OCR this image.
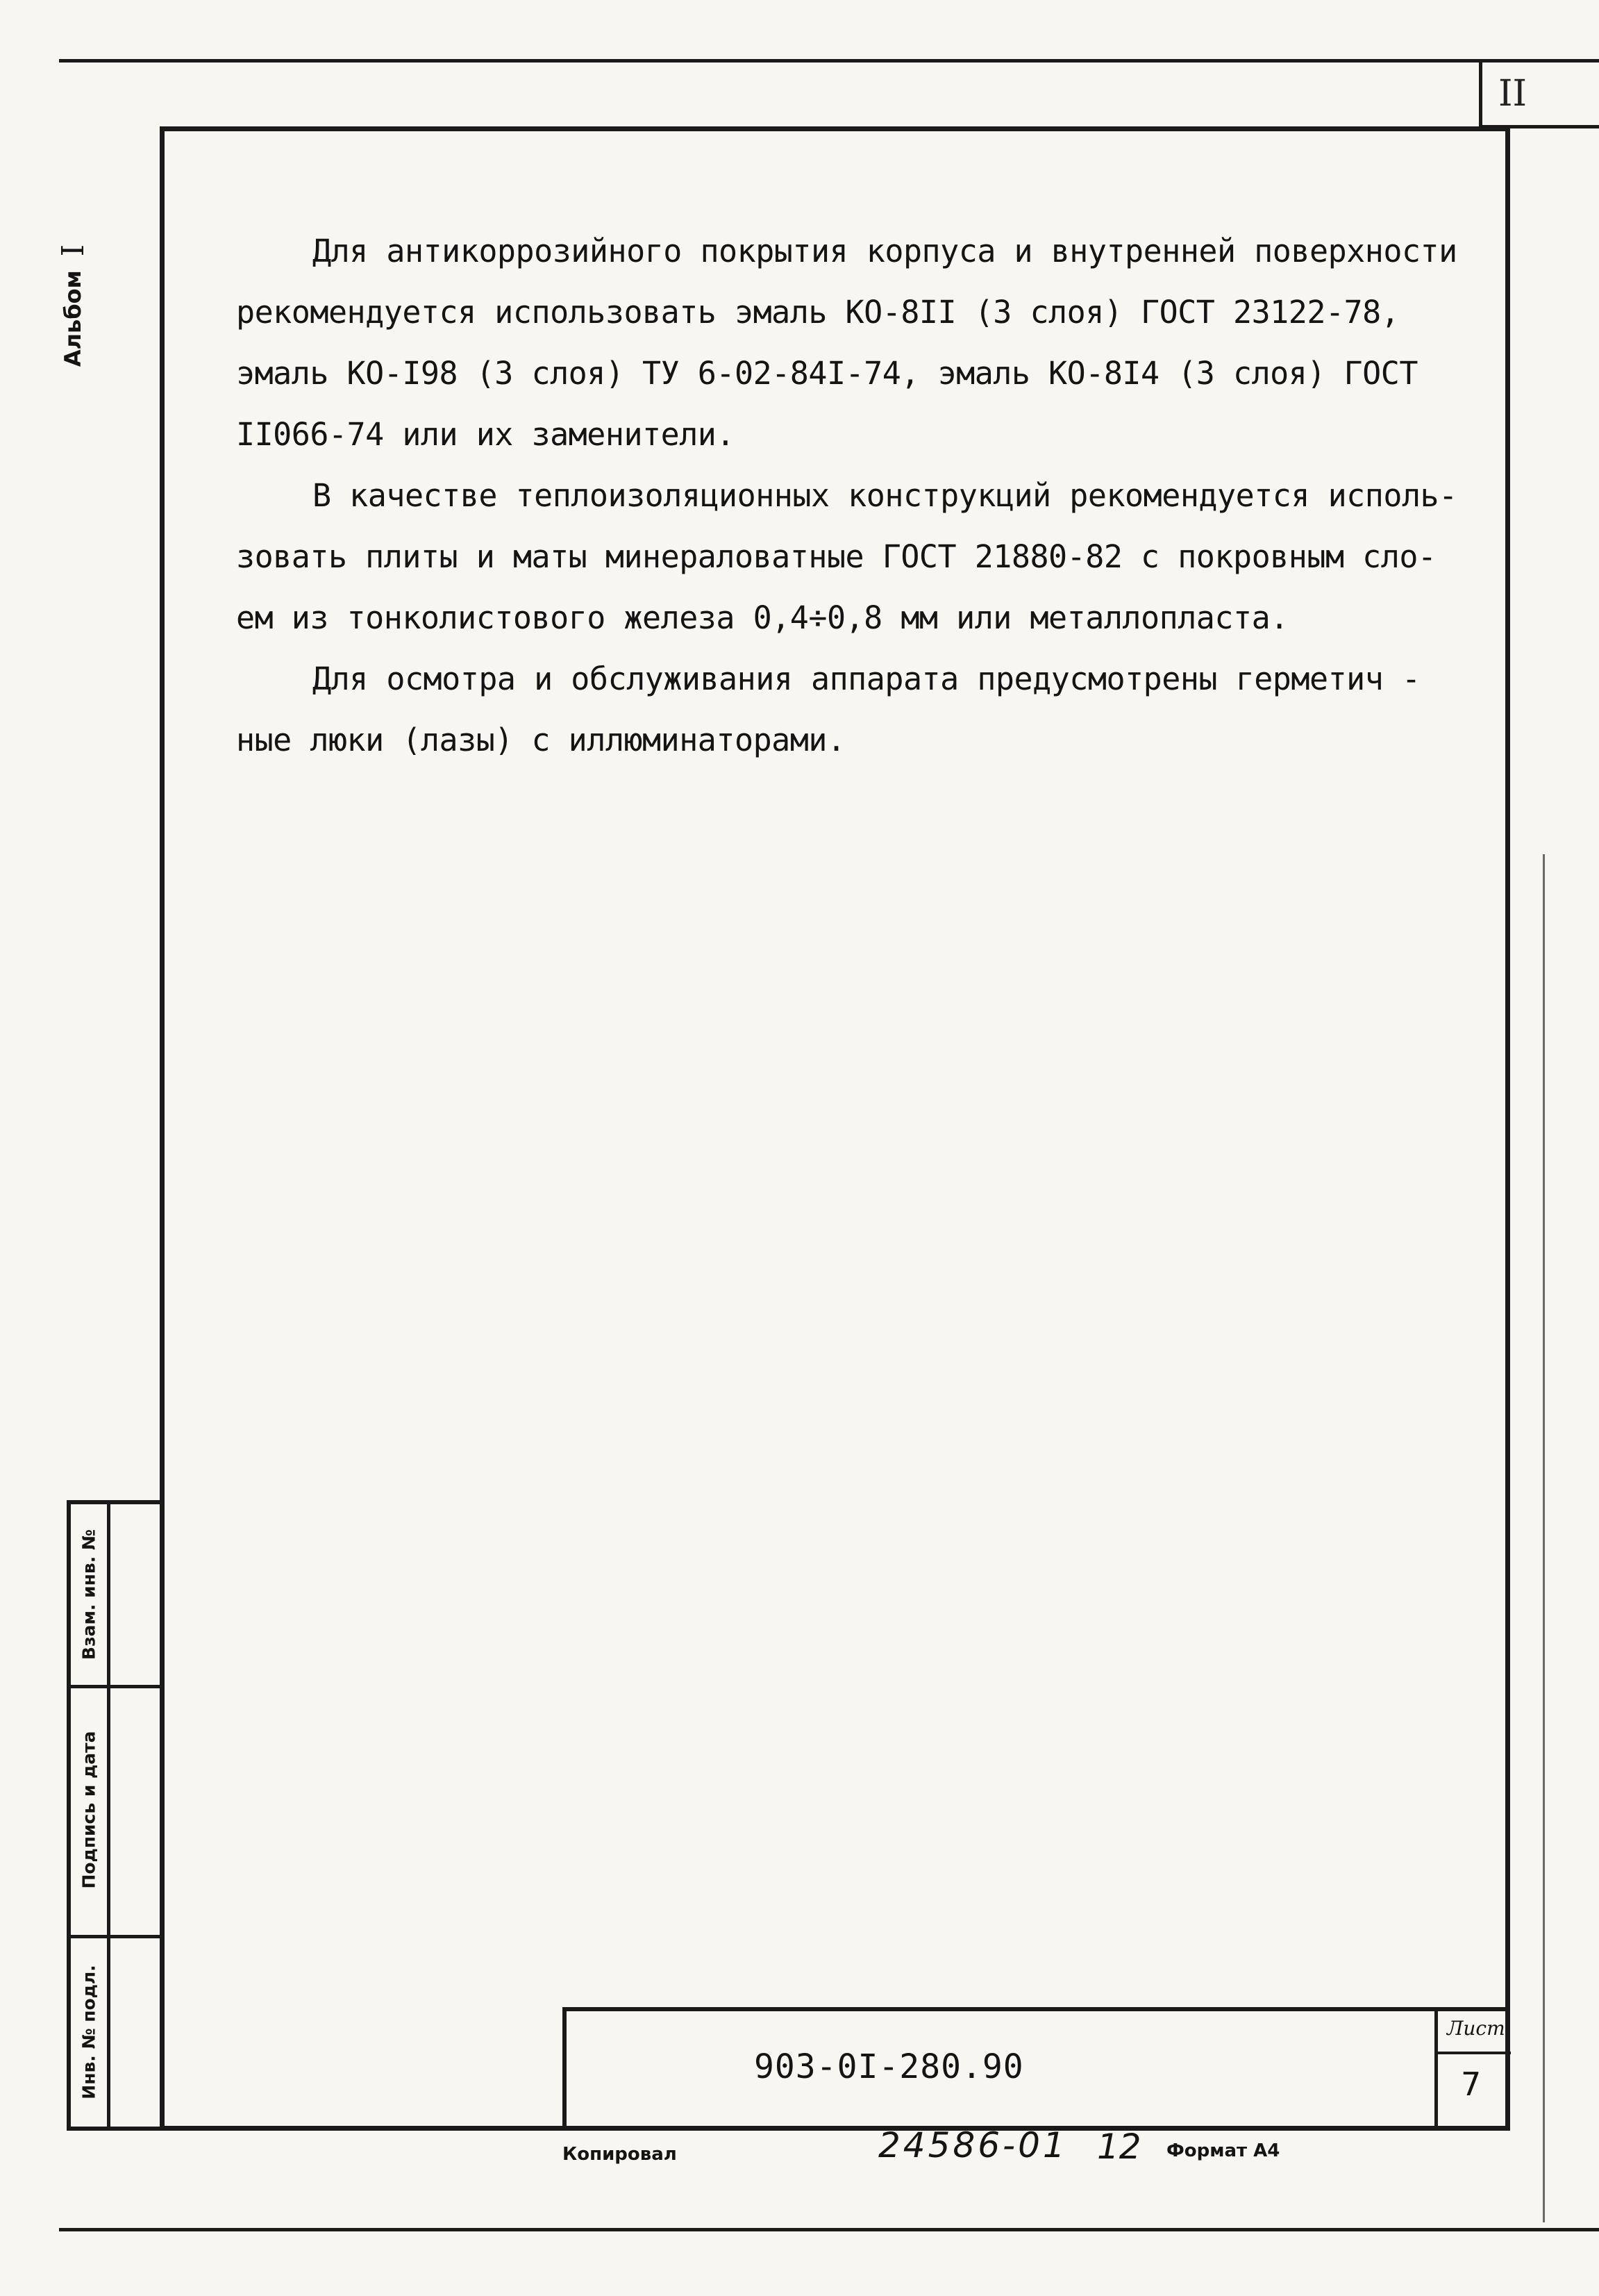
II
Альбом
I	Для антикоррозийного покрытия корпуса и внутренней поверхности
рекомендуется использовать эмаль КО-8II (3 слоя) ГОСТ 23122-78,
эмаль КО-I98 (3 слоя) ТУ 6-02-84I-74, эмаль КО-8I4 (3 слоя) ГОСТ
II066-74 или их заменители.

В качестве теплоизоляционных конструкций рекомендуется исполь-
зовать плиты и маты минераловатные ГОСТ 21880-82 с покровным сло-
ем из тонколистового железа 0,4÷0,8 мм или металлопласта.

Для осмотра и обслуживания аппарата предусмотрены герметич -
ные люки (лазы) с иллюминаторами.

Взам. инв. №
Подпись и дата
Инв. № подл.	903-0I-280.90
Лист
7
Копировал	24586-01 12 Формат А4
